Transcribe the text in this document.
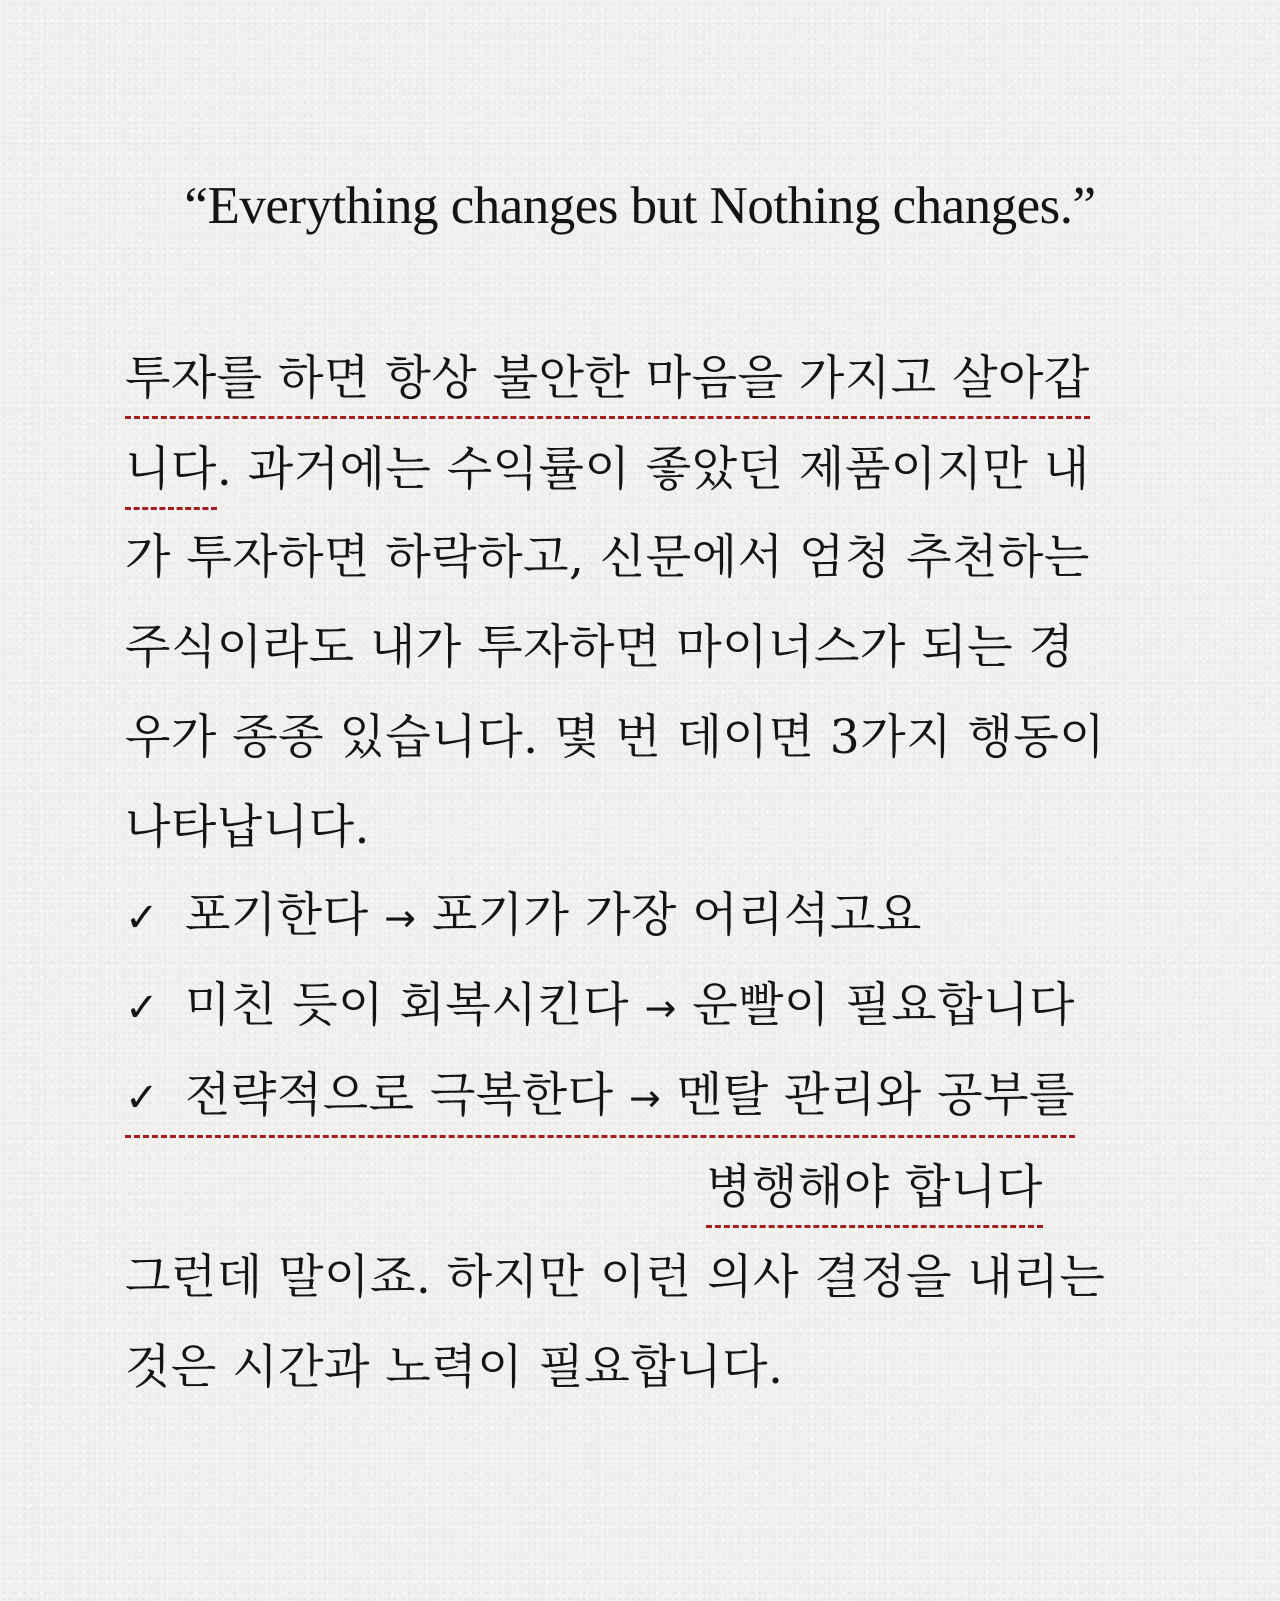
“Everything changes but Nothing changes.”
투자를 하면 항상 불안한 마음을 가지고 살아갑
니다. 과거에는 수익률이 좋았던 제품이지만 내
가 투자하면 하락하고, 신문에서 엄청 추천하는
주식이라도 내가 투자하면 마이너스가 되는 경
우가 종종 있습니다. 몇 번 데이면 3가지 행동이
나타납니다.
✓ 포기한다 → 포기가 가장 어리석고요
✓ 미친 듯이 회복시킨다 → 운빨이 필요합니다
✓ 전략적으로 극복한다 → 멘탈 관리와 공부를
병행해야 합니다
그런데 말이죠. 하지만 이런 의사 결정을 내리는
것은 시간과 노력이 필요합니다.
